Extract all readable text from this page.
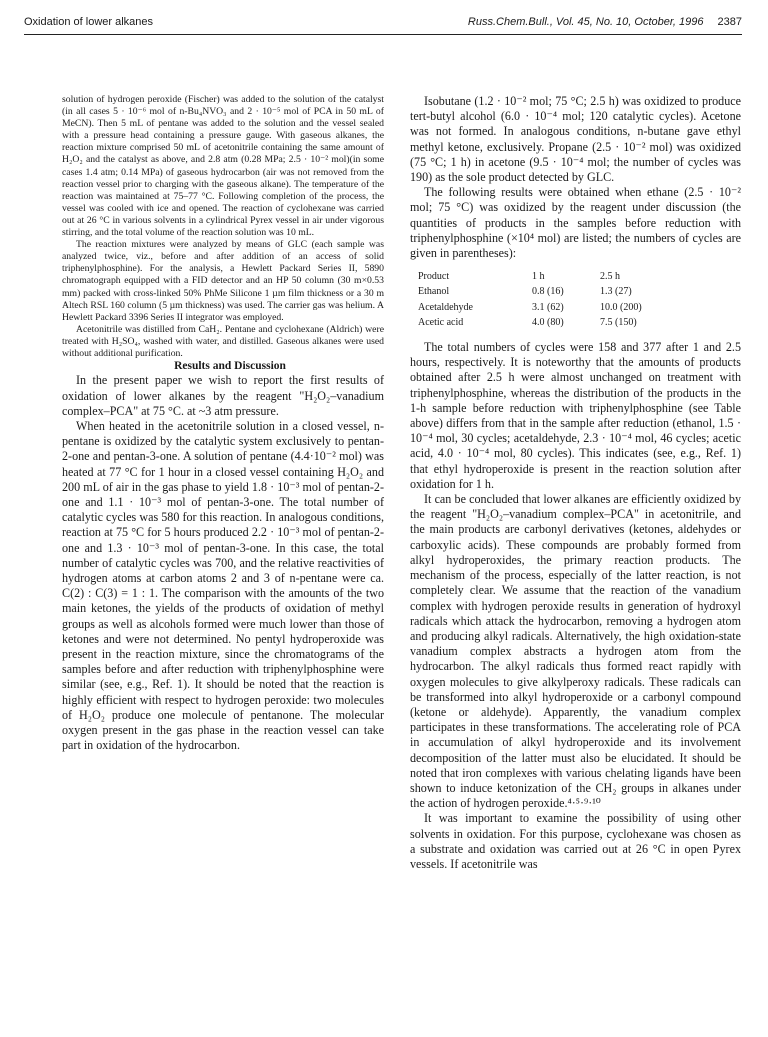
Oxidation of lower alkanes	Russ.Chem.Bull., Vol. 45, No. 10, October, 1996 2387

solution of hydrogen peroxide (Fischer) was added to the solution of the catalyst (in all cases 5 · 10⁻⁶ mol of n-Bu₄NVO₃ and 2 · 10⁻⁵ mol of PCA in 50 mL of MeCN). Then 5 mL of pentane was added to the solution and the vessel sealed with a pressure head containing a pressure gauge. With gaseous alkanes, the reaction mixture comprised 50 mL of acetonitrile containing the same amount of H₂O₂ and the catalyst as above, and 2.8 atm (0.28 MPa; 2.5 · 10⁻² mol)(in some cases 1.4 atm; 0.14 MPa) of gaseous hydrocarbon (air was not removed from the reaction vessel prior to charging with the gaseous alkane). The temperature of the reaction was maintained at 75–77 °C. Following completion of the process, the vessel was cooled with ice and opened. The reaction of cyclohexane was carried out at 26 °C in various solvents in a cylindrical Pyrex vessel in air under vigorous stirring, and the total volume of the reaction solution was 10 mL.

The reaction mixtures were analyzed by means of GLC (each sample was analyzed twice, viz., before and after addition of an access of solid triphenylphosphine). For the analysis, a Hewlett Packard Series II, 5890 chromatograph equipped with a FID detector and an HP 50 column (30 m×0.53 mm) packed with cross-linked 50% PhMe Silicone 1 µm film thickness or a 30 m Altech RSL 160 column (5 µm thickness) was used. The carrier gas was helium. A Hewlett Packard 3396 Series II integrator was employed.

Acetonitrile was distilled from CaH₂. Pentane and cyclohexane (Aldrich) were treated with H₂SO₄, washed with water, and distilled. Gaseous alkanes were used without additional purification.

Results and Discussion

In the present paper we wish to report the first results of oxidation of lower alkanes by the reagent "H₂O₂–vanadium complex–PCA" at 75 °C. at ~3 atm pressure.

When heated in the acetonitrile solution in a closed vessel, n-pentane is oxidized by the catalytic system exclusively to pentan-2-one and pentan-3-one. A solution of pentane (4.4·10⁻² mol) was heated at 77 °C for 1 hour in a closed vessel containing H₂O₂ and 200 mL of air in the gas phase to yield 1.8 · 10⁻³ mol of pentan-2-one and 1.1 · 10⁻³ mol of pentan-3-one. The total number of catalytic cycles was 580 for this reaction. In analogous conditions, reaction at 75 °C for 5 hours produced 2.2 · 10⁻³ mol of pentan-2-one and 1.3 · 10⁻³ mol of pentan-3-one. In this case, the total number of catalytic cycles was 700, and the relative reactivities of hydrogen atoms at carbon atoms 2 and 3 of n-pentane were ca. C(2) : C(3) = 1 : 1. The comparison with the amounts of the two main ketones, the yields of the products of oxidation of methyl groups as well as alcohols formed were much lower than those of ketones and were not determined. No pentyl hydroperoxide was present in the reaction mixture, since the chromatograms of the samples before and after reduction with triphenylphosphine were similar (see, e.g., Ref. 1). It should be noted that the reaction is highly efficient with respect to hydrogen peroxide: two molecules of H₂O₂ produce one molecule of pentanone. The molecular oxygen present in the gas phase in the reaction vessel can take part in oxidation of the hydrocarbon.

Isobutane (1.2 · 10⁻² mol; 75 °C; 2.5 h) was oxidized to produce tert-butyl alcohol (6.0 · 10⁻⁴ mol; 120 catalytic cycles). Acetone was not formed. In analogous conditions, n-butane gave ethyl methyl ketone, exclusively. Propane (2.5 · 10⁻² mol) was oxidized (75 °C; 1 h) in acetone (9.5 · 10⁻⁴ mol; the number of cycles was 190) as the sole product detected by GLC.

The following results were obtained when ethane (2.5 · 10⁻² mol; 75 °C) was oxidized by the reagent under discussion (the quantities of products in the samples before reduction with triphenylphosphine (×10⁴ mol) are listed; the numbers of cycles are given in parentheses):

Product	1 h	2.5 h
Ethanol	0.8 (16)	1.3 (27)
Acetaldehyde	3.1 (62)	10.0 (200)
Acetic acid	4.0 (80)	7.5 (150)

The total numbers of cycles were 158 and 377 after 1 and 2.5 hours, respectively. It is noteworthy that the amounts of products obtained after 2.5 h were almost unchanged on treatment with triphenylphosphine, whereas the distribution of the products in the 1-h sample before reduction with triphenylphosphine (see Table above) differs from that in the sample after reduction (ethanol, 1.5 · 10⁻⁴ mol, 30 cycles; acetaldehyde, 2.3 · 10⁻⁴ mol, 46 cycles; acetic acid, 4.0 · 10⁻⁴ mol, 80 cycles). This indicates (see, e.g., Ref. 1) that ethyl hydroperoxide is present in the reaction solution after oxidation for 1 h.

It can be concluded that lower alkanes are efficiently oxidized by the reagent "H₂O₂–vanadium complex–PCA" in acetonitrile, and the main products are carbonyl derivatives (ketones, aldehydes or carboxylic acids). These compounds are probably formed from alkyl hydroperoxides, the primary reaction products. The mechanism of the process, especially of the latter reaction, is not completely clear. We assume that the reaction of the vanadium complex with hydrogen peroxide results in generation of hydroxyl radicals which attack the hydrocarbon, removing a hydrogen atom and producing alkyl radicals. Alternatively, the high oxidation-state vanadium complex abstracts a hydrogen atom from the hydrocarbon. The alkyl radicals thus formed react rapidly with oxygen molecules to give alkylperoxy radicals. These radicals can be transformed into alkyl hydroperoxide or a carbonyl compound (ketone or aldehyde). Apparently, the vanadium complex participates in these transformations. The accelerating role of PCA in accumulation of alkyl hydroperoxide and its involvement decomposition of the latter must also be elucidated. It should be noted that iron complexes with various chelating ligands have been shown to induce ketonization of the CH₂ groups in alkanes under the action of hydrogen peroxide.⁴·⁵·⁹·¹⁰

It was important to examine the possibility of using other solvents in oxidation. For this purpose, cyclohexane was chosen as a substrate and oxidation was carried out at 26 °C in open Pyrex vessels. If acetonitrile was
